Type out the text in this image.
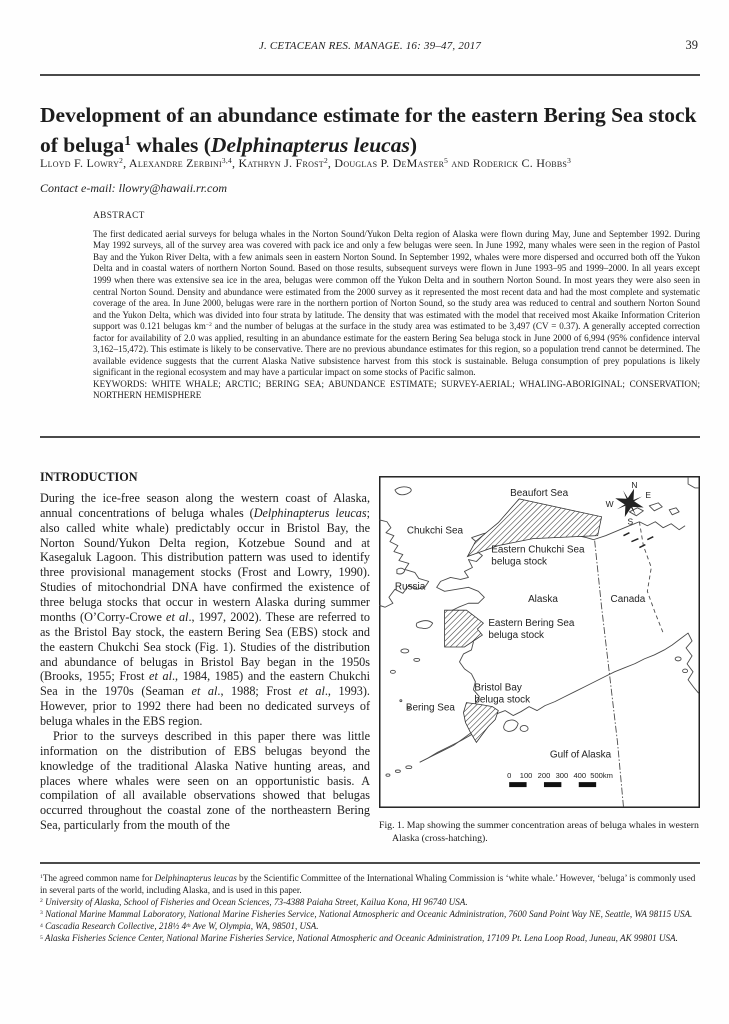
J. CETACEAN RES. MANAGE. 16: 39–47, 2017	39
Development of an abundance estimate for the eastern Bering Sea stock of beluga$^1$ whales (Delphinapterus leucas)
Lloyd F. Lowry$^2$, Alexandre Zerbini$^{3,4}$, Kathryn J. Frost$^2$, Douglas P. DeMaster$^5$ and Roderick C. Hobbs$^3$
Contact e-mail: llowry@hawaii.rr.com
ABSTRACT

The first dedicated aerial surveys for beluga whales in the Norton Sound/Yukon Delta region of Alaska were flown during May, June and September 1992. During May 1992 surveys, all of the survey area was covered with pack ice and only a few belugas were seen. In June 1992, many whales were seen in the region of Pastol Bay and the Yukon River Delta, with a few animals seen in eastern Norton Sound. In September 1992, whales were more dispersed and occurred both off the Yukon Delta and in coastal waters of northern Norton Sound. Based on those results, subsequent surveys were flown in June 1993–95 and 1999–2000. In all years except 1999 when there was extensive sea ice in the area, belugas were common off the Yukon Delta and in southern Norton Sound. In most years they were also seen in central Norton Sound. Density and abundance were estimated from the 2000 survey as it represented the most recent data and had the most complete and systematic coverage of the area. In June 2000, belugas were rare in the northern portion of Norton Sound, so the study area was reduced to central and southern Norton Sound and the Yukon Delta, which was divided into four strata by latitude. The density that was estimated with the model that received most Akaike Information Criterion support was 0.121 belugas $km^{-2}$ and the number of belugas at the surface in the study area was estimated to be 3,497 (CV = 0.37). A generally accepted correction factor for availability of 2.0 was applied, resulting in an abundance estimate for the eastern Bering Sea beluga stock in June 2000 of 6,994 (95% confidence interval 3,162–15,472). This estimate is likely to be conservative. There are no previous abundance estimates for this region, so a population trend cannot be determined. The available evidence suggests that the current Alaska Native subsistence harvest from this stock is sustainable. Beluga consumption of prey populations is likely significant in the regional ecosystem and may have a particular impact on some stocks of Pacific salmon.

KEYWORDS: WHITE WHALE; ARCTIC; BERING SEA; ABUNDANCE ESTIMATE; SURVEY-AERIAL; WHALING-ABORIGINAL; CONSERVATION; NORTHERN HEMISPHERE

INTRODUCTION

During the ice-free season along the western coast of Alaska, annual concentrations of beluga whales (Delphinapterus leucas; also called white whale) predictably occur in Bristol Bay, the Norton Sound/Yukon Delta region, Kotzebue Sound and at Kasegaluk Lagoon. This distribution pattern was used to identify three provisional management stocks (Frost and Lowry, 1990). Studies of mitochondrial DNA have confirmed the existence of three beluga stocks that occur in western Alaska during summer months (O’Corry-Crowe et al., 1997, 2002). These are referred to as the Bristol Bay stock, the eastern Bering Sea (EBS) stock and the eastern Chukchi Sea stock (Fig. 1). Studies of the distribution and abundance of belugas in Bristol Bay began in the 1950s (Brooks, 1955; Frost et al., 1984, 1985) and the eastern Chukchi Sea in the 1970s (Seaman et al., 1988; Frost et al., 1993). However, prior to 1992 there had been no dedicated surveys of beluga whales in the EBS region.

Prior to the surveys described in this paper there was little information on the distribution of EBS belugas beyond the knowledge of the traditional Alaska Native hunting areas, and places where whales were seen on an opportunistic basis. A compilation of all available observations showed that belugas occurred throughout the coastal zone of the northeastern Bering Sea, particularly from the mouth of the

Beaufort Sea
Chukchi Sea
Eastern Chukchi Sea
beluga stock
Russia
Alaska	Canada
Eastern Bering Sea
beluga stock
Bristol Bay
beluga stock
Bering Sea
Gulf of Alaska
0 100 200 300 400 500km
N
E
S
W
Fig. 1. Map showing the summer concentration areas of beluga whales in western Alaska (cross-hatching).

$^1$The agreed common name for Delphinapterus leucas by the Scientific Committee of the International Whaling Commission is ‘white whale.’ However, ‘beluga’ is commonly used in several parts of the world, including Alaska, and is used in this paper.

$^2$ University of Alaska, School of Fisheries and Ocean Sciences, 73-4388 Paiaha Street, Kailua Kona, HI 96740 USA.

$^3$ National Marine Mammal Laboratory, National Marine Fisheries Service, National Atmospheric and Oceanic Administration, 7600 Sand Point Way NE, Seattle, WA 98115 USA.

$^4$ Cascadia Research Collective, 218½ 4th Ave W, Olympia, WA, 98501, USA.

$^5$ Alaska Fisheries Science Center, National Marine Fisheries Service, National Atmospheric and Oceanic Administration, 17109 Pt. Lena Loop Road, Juneau, AK 99801 USA.
